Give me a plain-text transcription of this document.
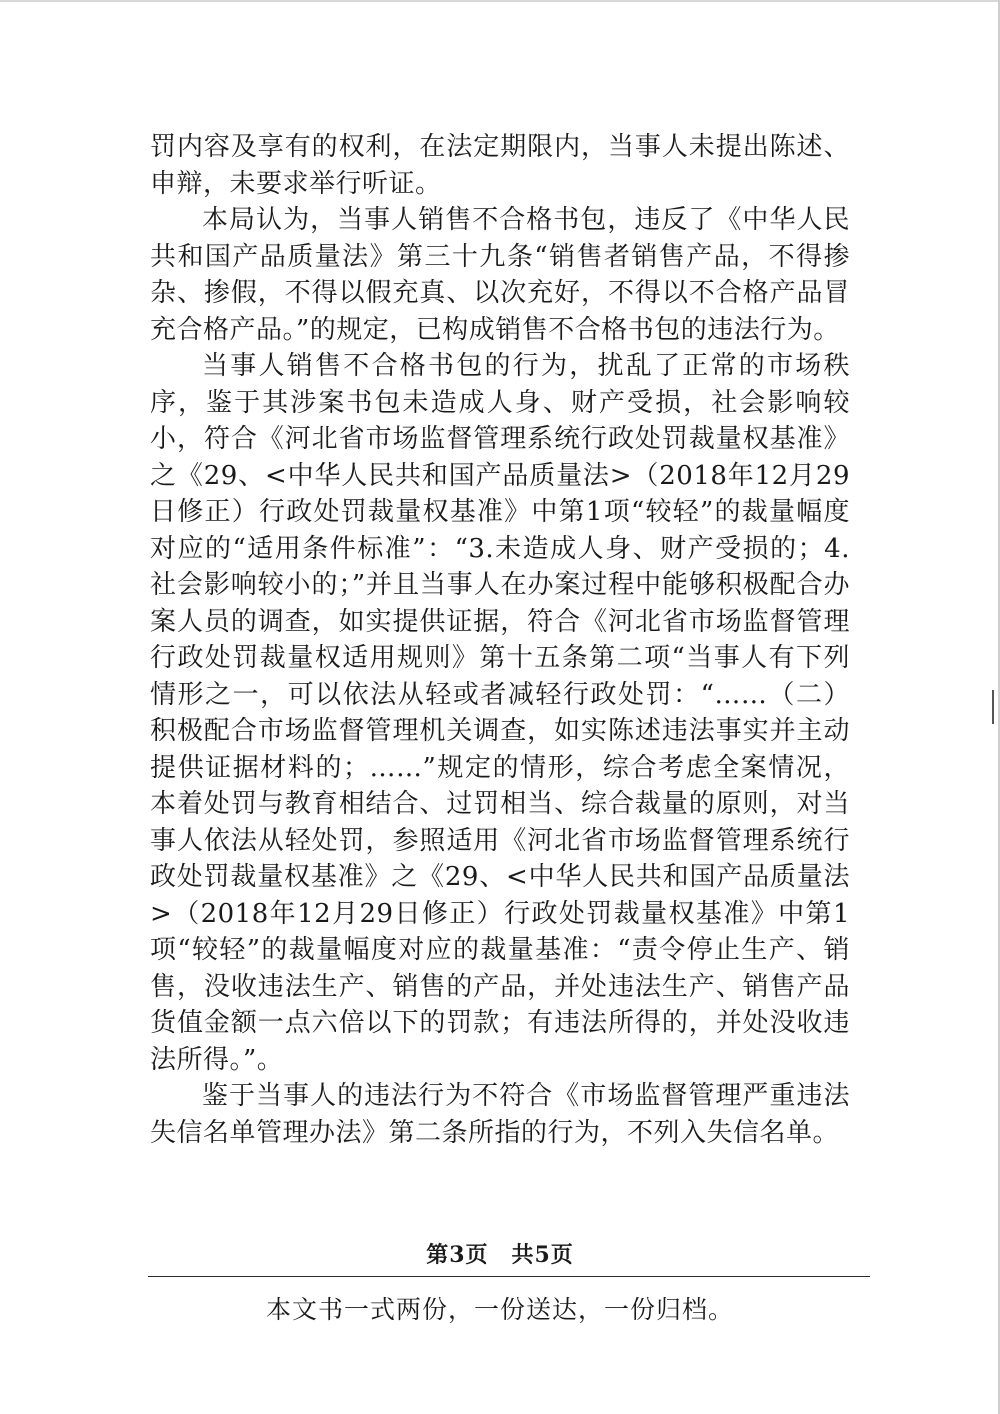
罚内容及享有的权利，在法定期限内，当事人未提出陈述、申辩，未要求举行听证。

本局认为，当事人销售不合格书包，违反了《中华人民共和国产品质量法》第三十九条“销售者销售产品，不得掺杂、掺假，不得以假充真、以次充好，不得以不合格产品冒充合格产品。”的规定，已构成销售不合格书包的违法行为。

当事人销售不合格书包的行为，扰乱了正常的市场秩序，鉴于其涉案书包未造成人身、财产受损，社会影响较小，符合《河北省市场监督管理系统行政处罚裁量权基准》之《29、<中华人民共和国产品质量法>（2018年12月29日修正）行政处罚裁量权基准》中第1项“较轻”的裁量幅度对应的“适用条件标准”：“3.未造成人身、财产受损的；4.社会影响较小的；”并且当事人在办案过程中能够积极配合办案人员的调查，如实提供证据，符合《河北省市场监督管理行政处罚裁量权适用规则》第十五条第二项“当事人有下列情形之一，可以依法从轻或者减轻行政处罚：“……（二）积极配合市场监督管理机关调查，如实陈述违法事实并主动提供证据材料的；……”规定的情形，综合考虑全案情况，本着处罚与教育相结合、过罚相当、综合裁量的原则，对当事人依法从轻处罚，参照适用《河北省市场监督管理系统行政处罚裁量权基准》之《29、<中华人民共和国产品质量法>（2018年12月29日修正）行政处罚裁量权基准》中第1项“较轻”的裁量幅度对应的裁量基准：“责令停止生产、销售，没收违法生产、销售的产品，并处违法生产、销售产品货值金额一点六倍以下的罚款；有违法所得的，并处没收违法所得。”。

鉴于当事人的违法行为不符合《市场监督管理严重违法失信名单管理办法》第二条所指的行为，不列入失信名单。

第3页　共5页
本文书一式两份，一份送达，一份归档。
